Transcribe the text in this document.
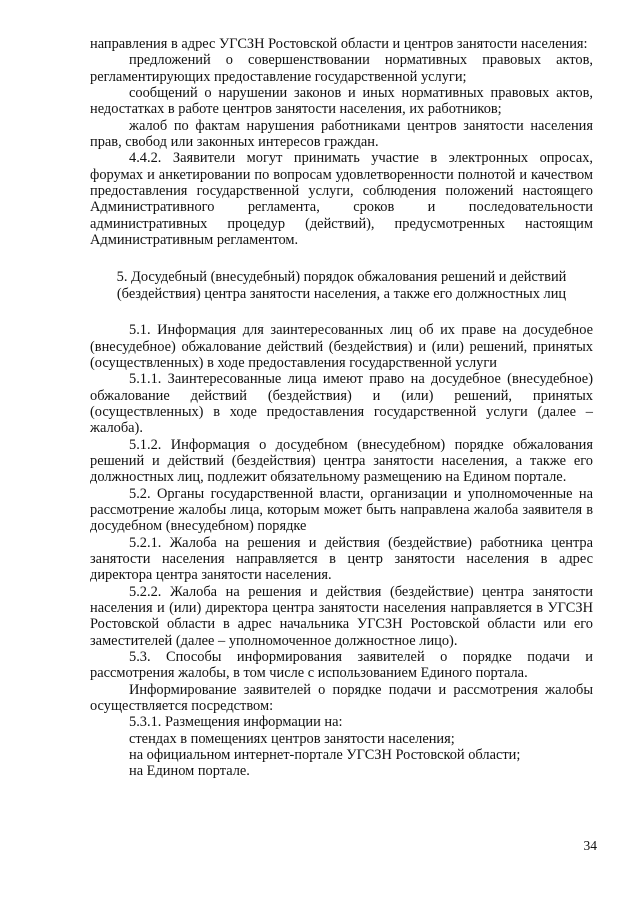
направления в адрес УГСЗН Ростовской области и центров занятости населения:

предложений о совершенствовании нормативных правовых актов, регламентирующих предоставление государственной услуги;

сообщений о нарушении законов и иных нормативных правовых актов, недостатках в работе центров занятости населения, их работников;

жалоб по фактам нарушения работниками центров занятости населения прав, свобод или законных интересов граждан.

4.4.2. Заявители могут принимать участие в электронных опросах, форумах и анкетировании по вопросам удовлетворенности полнотой и качеством предоставления государственной услуги, соблюдения положений настоящего Административного регламента, сроков и последовательности административных процедур (действий), предусмотренных настоящим Административным регламентом.

5. Досудебный (внесудебный) порядок обжалования решений и действий (бездействия) центра занятости населения, а также его должностных лиц

5.1. Информация для заинтересованных лиц об их праве на досудебное (внесудебное) обжалование действий (бездействия) и (или) решений, принятых (осуществленных) в ходе предоставления государственной услуги

5.1.1. Заинтересованные лица имеют право на досудебное (внесудебное) обжалование действий (бездействия) и (или) решений, принятых (осуществленных) в ходе предоставления государственной услуги (далее – жалоба).

5.1.2. Информация о досудебном (внесудебном) порядке обжалования решений и действий (бездействия) центра занятости населения, а также его должностных лиц, подлежит обязательному размещению на Едином портале.

5.2. Органы государственной власти, организации и уполномоченные на рассмотрение жалобы лица, которым может быть направлена жалоба заявителя в досудебном (внесудебном) порядке

5.2.1. Жалоба на решения и действия (бездействие) работника центра занятости населения направляется в центр занятости населения в адрес директора центра занятости населения.

5.2.2. Жалоба на решения и действия (бездействие) центра занятости населения и (или) директора центра занятости населения направляется в УГСЗН Ростовской области в адрес начальника УГСЗН Ростовской области или его заместителей (далее – уполномоченное должностное лицо).

5.3. Способы информирования заявителей о порядке подачи и рассмотрения жалобы, в том числе с использованием Единого портала.

Информирование заявителей о порядке подачи и рассмотрения жалобы осуществляется посредством:

5.3.1. Размещения информации на:

стендах в помещениях центров занятости населения;

на официальном интернет-портале УГСЗН Ростовской области;

на Едином портале.

34
